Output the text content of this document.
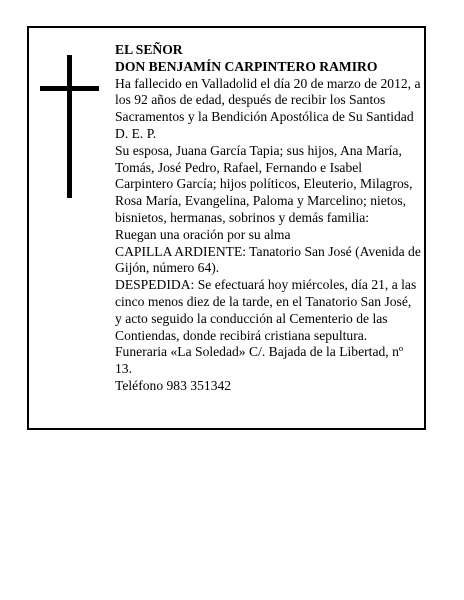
EL SEÑOR

DON BENJAMÍN CARPINTERO RAMIRO

Ha fallecido en Valladolid el día 20 de marzo de 2012, a los 92 años de edad, después de recibir los Santos Sacramentos y la Bendición Apostólica de Su Santidad

D. E. P.

Su esposa, Juana García Tapia; sus hijos, Ana María, Tomás, José Pedro, Rafael, Fernando e Isabel Carpintero García; hijos políticos, Eleuterio, Milagros, Rosa María, Evangelina, Paloma y Marcelino; nietos, bisnietos, hermanas, sobrinos y demás familia:

Ruegan una oración por su alma

CAPILLA ARDIENTE: Tanatorio San José (Avenida de Gijón, número 64).

DESPEDIDA: Se efectuará hoy miércoles, día 21, a las cinco menos diez de la tarde, en el Tanatorio San José, y acto seguido la conducción al Cementerio de las Contiendas, donde recibirá cristiana sepultura.

Funeraria «La Soledad» C/. Bajada de la Libertad, nº 13.

Teléfono 983 351342
